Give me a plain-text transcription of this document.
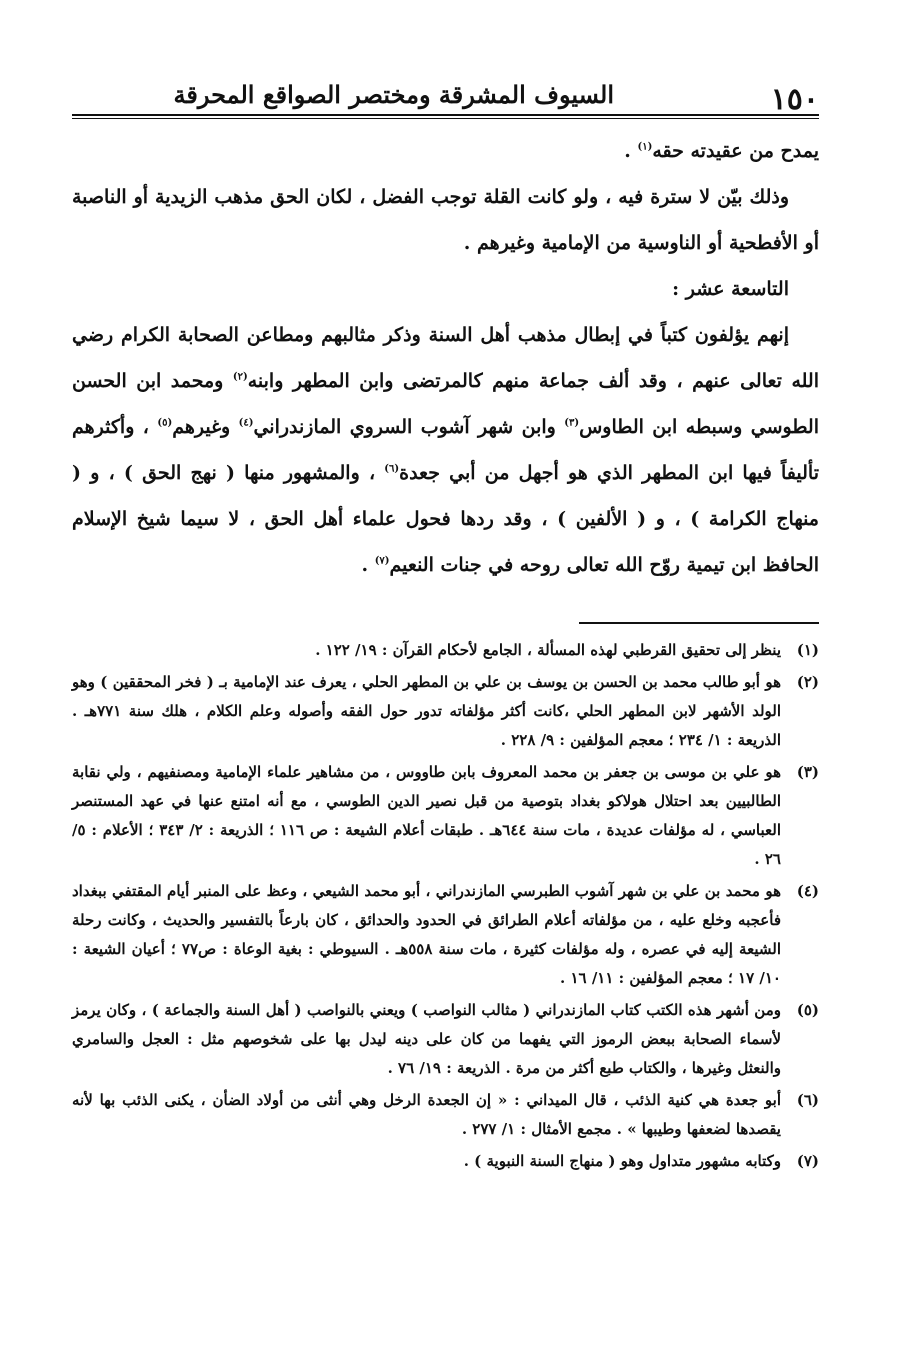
١٥٠
السيوف المشرقة ومختصر الصواقع المحرقة

يمدح من عقيدته حقه$^{(١)}$ .

وذلك بيّن لا سترة فيه ، ولو كانت القلة توجب الفضل ، لكان الحق مذهب الزيدية أو الناصبة أو الأفطحية أو الناوسية من الإمامية وغيرهم .

التاسعة عشر :

إنهم يؤلفون كتباً في إبطال مذهب أهل السنة وذكر مثالبهم ومطاعن الصحابة الكرام رضي الله تعالى عنهم ، وقد ألف جماعة منهم كالمرتضى وابن المطهر وابنه$^{(٢)}$ ومحمد ابن الحسن الطوسي وسبطه ابن الطاوس$^{(٣)}$ وابن شهر آشوب السروي المازندراني$^{(٤)}$ وغيرهم$^{(٥)}$ ، وأكثرهم تأليفاً فيها ابن المطهر الذي هو أجهل من أبي جعدة$^{(٦)}$ ، والمشهور منها ( نهج الحق ) ، و ( منهاج الكرامة ) ، و ( الألفين ) ، وقد ردها فحول علماء أهل الحق ، لا سيما شيخ الإسلام الحافظ ابن تيمية روّح الله تعالى روحه في جنات النعيم$^{(٧)}$ .

(١)
ينظر إلى تحقيق القرطبي لهذه المسألة ، الجامع لأحكام القرآن : ١٩/ ١٢٢ .
(٢)
هو أبو طالب محمد بن الحسن بن يوسف بن علي بن المطهر الحلي ، يعرف عند الإمامية بـ ( فخر المحققين ) وهو الولد الأشهر لابن المطهر الحلي ،كانت أكثر مؤلفاته تدور حول الفقه وأصوله وعلم الكلام ، هلك سنة ٧٧١هـ . الذريعة : ١/ ٢٣٤ ؛ معجم المؤلفين : ٩/ ٢٢٨ .
(٣)
هو علي بن موسى بن جعفر بن محمد المعروف بابن طاووس ، من مشاهير علماء الإمامية ومصنفيهم ، ولي نقابة الطالبيين بعد احتلال هولاكو بغداد بتوصية من قبل نصير الدين الطوسي ، مع أنه امتنع عنها في عهد المستنصر العباسي ، له مؤلفات عديدة ، مات سنة ٦٤٤هـ . طبقات أعلام الشيعة : ص ١١٦ ؛ الذريعة : ٢/ ٣٤٣ ؛ الأعلام : ٥/ ٢٦ .
(٤)
هو محمد بن علي بن شهر آشوب الطبرسي المازندراني ، أبو محمد الشيعي ، وعظ على المنبر أيام المقتفي ببغداد فأعجبه وخلع عليه ، من مؤلفاته أعلام الطرائق في الحدود والحدائق ، كان بارعاً بالتفسير والحديث ، وكانت رحلة الشيعة إليه في عصره ، وله مؤلفات كثيرة ، مات سنة ٥٥٨هـ . السيوطي : بغية الوعاة : ص٧٧ ؛ أعيان الشيعة : ١٠/ ١٧ ؛ معجم المؤلفين : ١١/ ١٦ .
(٥)
ومن أشهر هذه الكتب كتاب المازندراني ( مثالب النواصب ) ويعني بالنواصب ( أهل السنة والجماعة ) ، وكان يرمز لأسماء الصحابة ببعض الرموز التي يفهما من كان على دينه ليدل بها على شخوصهم مثل : العجل والسامري والنعثل وغيرها ، والكتاب طبع أكثر من مرة . الذريعة : ١٩/ ٧٦ .
(٦)
أبو جعدة هي كنية الذئب ، قال الميداني : « إن الجعدة الرخل وهي أنثى من أولاد الضأن ، يكنى الذئب بها لأنه يقصدها لضعفها وطيبها » . مجمع الأمثال : ١/ ٢٧٧ .
(٧)
وكتابه مشهور متداول وهو ( منهاج السنة النبوية ) .
